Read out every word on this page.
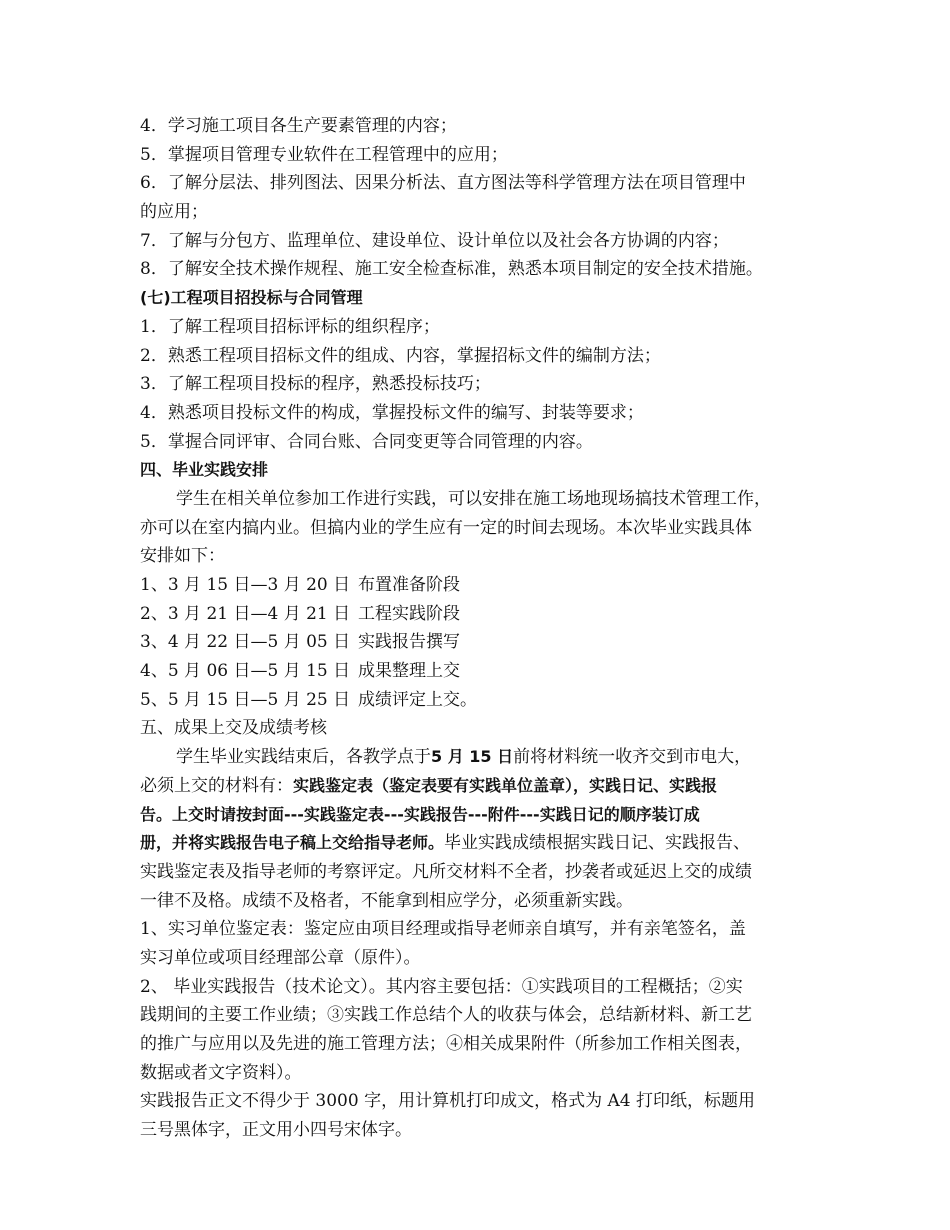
4．学习施工项目各生产要素管理的内容；
5．掌握项目管理专业软件在工程管理中的应用；
6．了解分层法、排列图法、因果分析法、直方图法等科学管理方法在项目管理中
的应用；
7．了解与分包方、监理单位、建设单位、设计单位以及社会各方协调的内容；
8．了解安全技术操作规程、施工安全检查标准，熟悉本项目制定的安全技术措施。
(七)工程项目招投标与合同管理
1．了解工程项目招标评标的组织程序；
2．熟悉工程项目招标文件的组成、内容，掌握招标文件的编制方法；
3．了解工程项目投标的程序，熟悉投标技巧；
4．熟悉项目投标文件的构成，掌握投标文件的编写、封装等要求；
5．掌握合同评审、合同台账、合同变更等合同管理的内容。
四、毕业实践安排
学生在相关单位参加工作进行实践，可以安排在施工场地现场搞技术管理工作，
亦可以在室内搞内业。但搞内业的学生应有一定的时间去现场。本次毕业实践具体
安排如下：
1、3 月 15 日—3 月 20 日 布置准备阶段
2、3 月 21 日—4 月 21 日 工程实践阶段
3、4 月 22 日—5 月 05 日 实践报告撰写
4、5 月 06 日—5 月 15 日 成果整理上交
5、5 月 15 日—5 月 25 日 成绩评定上交。
五、成果上交及成绩考核
学生毕业实践结束后，各教学点于5 月 15 日前将材料统一收齐交到市电大，
必须上交的材料有：实践鉴定表（鉴定表要有实践单位盖章），实践日记、实践报
告。上交时请按封面---实践鉴定表---实践报告---附件---实践日记的顺序装订成
册，并将实践报告电子稿上交给指导老师。毕业实践成绩根据实践日记、实践报告、
实践鉴定表及指导老师的考察评定。凡所交材料不全者，抄袭者或延迟上交的成绩
一律不及格。成绩不及格者，不能拿到相应学分，必须重新实践。
1、实习单位鉴定表：鉴定应由项目经理或指导老师亲自填写，并有亲笔签名，盖
实习单位或项目经理部公章（原件）。
2、 毕业实践报告（技术论文）。其内容主要包括：①实践项目的工程概括；②实
践期间的主要工作业绩；③实践工作总结个人的收获与体会，总结新材料、新工艺
的推广与应用以及先进的施工管理方法；④相关成果附件（所参加工作相关图表，
数据或者文字资料）。
实践报告正文不得少于 3000 字，用计算机打印成文，格式为 A4 打印纸，标题用
三号黑体字，正文用小四号宋体字。
